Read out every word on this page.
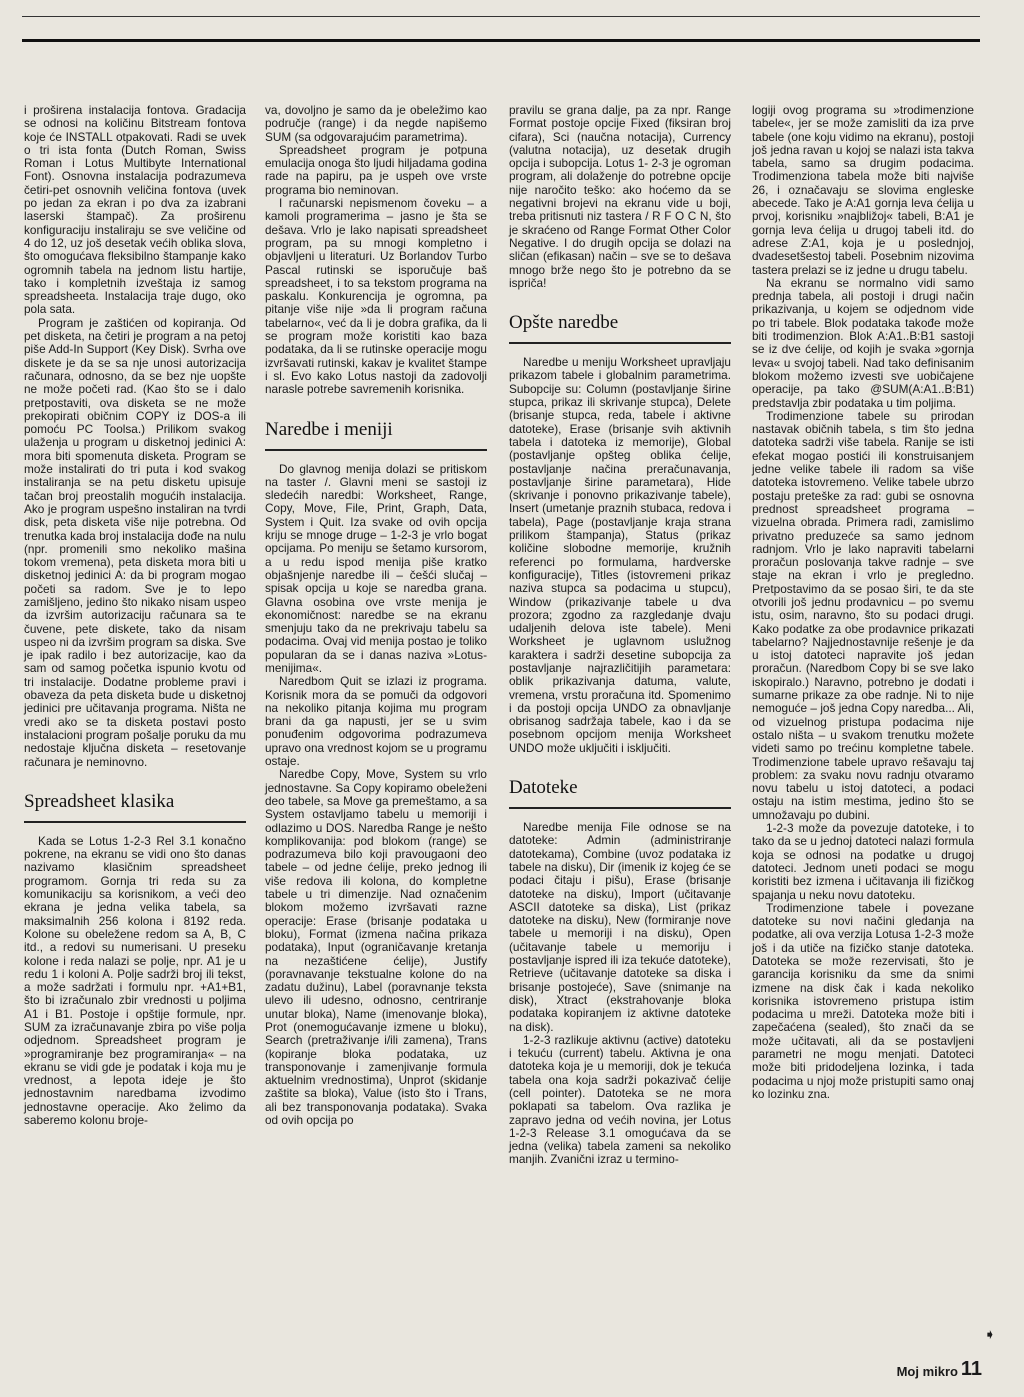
i proširena instalacija fontova. Gradacija se odnosi na količinu Bitstream fontova koje će INSTALL otpakovati. Radi se uvek o tri ista fonta (Dutch Roman, Swiss Roman i Lotus Multibyte International Font). Osnovna instalacija podrazumeva četiri-pet osnovnih veličina fontova (uvek po jedan za ekran i po dva za izabrani laserski štampač). Za proširenu konfiguraciju instaliraju se sve veličine od 4 do 12, uz još desetak većih oblika slova, što omogućava fleksibilno štampanje kako ogromnih tabela na jednom listu hartije, tako i kompletnih izveštaja iz samog spreadsheeta. Instalacija traje dugo, oko pola sata.

Program je zaštićen od kopiranja. Od pet disketa, na četiri je program a na petoj piše Add-In Support (Key Disk). Svrha ove diskete je da se sa nje unosi autorizacija računara, odnosno, da se bez nje uopšte ne može početi rad. (Kao što se i dalo pretpostaviti, ova disketa se ne može prekopirati običnim COPY iz DOS-a ili pomoću PC Toolsa.) Prilikom svakog ulaženja u program u disketnoj jedinici A: mora biti spomenuta disketa. Program se može instalirati do tri puta i kod svakog instaliranja se na petu disketu upisuje tačan broj preostalih mogućih instalacija. Ako je program uspešno instaliran na tvrdi disk, peta disketa više nije potrebna. Od trenutka kada broj instalacija dođe na nulu (npr. promenili smo nekoliko mašina tokom vremena), peta disketa mora biti u disketnoj jedinici A: da bi program mogao početi sa radom. Sve je to lepo zamišljeno, jedino što nikako nisam uspeo da izvršim autorizaciju računara sa te čuvene, pete diskete, tako da nisam uspeo ni da izvršim program sa diska. Sve je ipak radilo i bez autorizacije, kao da sam od samog početka ispunio kvotu od tri instalacije. Dodatne probleme pravi i obaveza da peta disketa bude u disketnoj jedinici pre učitavanja programa. Ništa ne vredi ako se ta disketa postavi posto instalacioni program pošalje poruku da mu nedostaje ključna disketa – resetovanje računara je neminovno.

Spreadsheet klasika

Kada se Lotus 1-2-3 Rel 3.1 konačno pokrene, na ekranu se vidi ono što danas nazivamo klasičnim spreadsheet programom. Gornja tri reda su za komunikaciju sa korisnikom, a veći deo ekrana je jedna velika tabela, sa maksimalnih 256 kolona i 8192 reda. Kolone su obeležene redom sa A, B, C itd., a redovi su numerisani. U preseku kolone i reda nalazi se polje, npr. A1 je u redu 1 i koloni A. Polje sadrži broj ili tekst, a može sadržati i formulu npr. +A1+B1, što bi izračunalo zbir vrednosti u poljima A1 i B1. Postoje i opštije formule, npr. SUM za izračunavanje zbira po više polja odjednom. Spreadsheet program je »programiranje bez programiranja« – na ekranu se vidi gde je podatak i koja mu je vrednost, a lepota ideje je što jednostavnim naredbama izvodimo jednostavne operacije. Ako želimo da saberemo kolonu broje-

va, dovoljno je samo da je obeležimo kao područje (range) i da negde napišemo SUM (sa odgovarajućim parametrima).

Spreadsheet program je potpuna emulacija onoga što ljudi hiljadama godina rade na papiru, pa je uspeh ove vrste programa bio neminovan.

I računarski nepismenom čoveku – a kamoli programerima – jasno je šta se dešava. Vrlo je lako napisati spreadsheet program, pa su mnogi kompletno i objavljeni u literaturi. Uz Borlandov Turbo Pascal rutinski se isporučuje baš spreadsheet, i to sa tekstom programa na paskalu. Konkurencija je ogromna, pa pitanje više nije »da li program računa tabelarno«, već da li je dobra grafika, da li se program može koristiti kao baza podataka, da li se rutinske operacije mogu izvršavati rutinski, kakav je kvalitet štampe i sl. Evo kako Lotus nastoji da zadovolji narasle potrebe savremenih korisnika.

Naredbe i meniji

Do glavnog menija dolazi se pritiskom na taster /. Glavni meni se sastoji iz sledećih naredbi: Worksheet, Range, Copy, Move, File, Print, Graph, Data, System i Quit. Iza svake od ovih opcija kriju se mnoge druge – 1-2-3 je vrlo bogat opcijama. Po meniju se šetamo kursorom, a u redu ispod menija piše kratko objašnjenje naredbe ili – češći slučaj – spisak opcija u koje se naredba grana. Glavna osobina ove vrste menija je ekonomičnost: naredbe se na ekranu smenjuju tako da ne prekrivaju tabelu sa podacima. Ovaj vid menija postao je toliko popularan da se i danas naziva »Lotus-menijima«.

Naredbom Quit se izlazi iz programa. Korisnik mora da se pomuči da odgovori na nekoliko pitanja kojima mu program brani da ga napusti, jer se u svim ponuđenim odgovorima podrazumeva upravo ona vrednost kojom se u programu ostaje.

Naredbe Copy, Move, System su vrlo jednostavne. Sa Copy kopiramo obeleženi deo tabele, sa Move ga premeštamo, a sa System ostavljamo tabelu u memoriji i odlazimo u DOS. Naredba Range je nešto komplikovanija: pod blokom (range) se podrazumeva bilo koji pravougaoni deo tabele – od jedne ćelije, preko jednog ili više redova ili kolona, do kompletne tabele u tri dimenzije. Nad označenim blokom možemo izvršavati razne operacije: Erase (brisanje podataka u bloku), Format (izmena načina prikaza podataka), Input (ograničavanje kretanja na nezaštićene ćelije), Justify (poravnavanje tekstualne kolone do na zadatu dužinu), Label (poravnanje teksta ulevo ili udesno, odnosno, centriranje unutar bloka), Name (imenovanje bloka), Prot (onemogućavanje izmene u bloku), Search (pretraživanje i/ili zamena), Trans (kopiranje bloka podataka, uz transponovanje i zamenjivanje formula aktuelnim vrednostima), Unprot (skidanje zaštite sa bloka), Value (isto što i Trans, ali bez transponovanja podataka). Svaka od ovih opcija po

pravilu se grana dalje, pa za npr. Range Format postoje opcije Fixed (fiksiran broj cifara), Sci (naučna notacija), Currency (valutna notacija), uz desetak drugih opcija i subopcija. Lotus 1- 2-3 je ogroman program, ali dolaženje do potrebne opcije nije naročito teško: ako hoćemo da se negativni brojevi na ekranu vide u boji, treba pritisnuti niz tastera / R F O C N, što je skraćeno od Range Format Other Color Negative. I do drugih opcija se dolazi na sličan (efikasan) način – sve se to dešava mnogo brže nego što je potrebno da se ispriča!

Opšte naredbe

Naredbe u meniju Worksheet upravljaju prikazom tabele i globalnim parametrima. Subopcije su: Column (postavljanje širine stupca, prikaz ili skrivanje stupca), Delete (brisanje stupca, reda, tabele i aktivne datoteke), Erase (brisanje svih aktivnih tabela i datoteka iz memorije), Global (postavljanje opšteg oblika ćelije, postavljanje načina preračunavanja, postavljanje širine parametara), Hide (skrivanje i ponovno prikazivanje tabele), Insert (umetanje praznih stubaca, redova i tabela), Page (postavljanje kraja strana prilikom štampanja), Status (prikaz količine slobodne memorije, kružnih referenci po formulama, hardverske konfiguracije), Titles (istovremeni prikaz naziva stupca sa podacima u stupcu), Window (prikazivanje tabele u dva prozora; zgodno za razgledanje dvaju udaljenih delova iste tabele). Meni Worksheet je uglavnom uslužnog karaktera i sadrži desetine subopcija za postavljanje najrazličitijih parametara: oblik prikazivanja datuma, valute, vremena, vrstu proračuna itd. Spomenimo i da postoji opcija UNDO za obnavljanje obrisanog sadržaja tabele, kao i da se posebnom opcijom menija Worksheet UNDO može uključiti i isključiti.

Datoteke

Naredbe menija File odnose se na datoteke: Admin (administriranje datotekama), Combine (uvoz podataka iz tabele na disku), Dir (imenik iz kojeg će se podaci čitaju i pišu), Erase (brisanje datoteke na disku), Import (učitavanje ASCII datoteke sa diska), List (prikaz datoteke na disku), New (formiranje nove tabele u memoriji i na disku), Open (učitavanje tabele u memoriju i postavljanje ispred ili iza tekuće datoteke), Retrieve (učitavanje datoteke sa diska i brisanje postojeće), Save (snimanje na disk), Xtract (ekstrahovanje bloka podataka kopiranjem iz aktivne datoteke na disk).

1-2-3 razlikuje aktivnu (active) datoteku i tekuću (current) tabelu. Aktivna je ona datoteka koja je u memoriji, dok je tekuća tabela ona koja sadrži pokazivač ćelije (cell pointer). Datoteka se ne mora poklapati sa tabelom. Ova razlika je zapravo jedna od većih novina, jer Lotus 1-2-3 Release 3.1 omogućava da se jedna (velika) tabela zameni sa nekoliko manjih. Zvanični izraz u termino-

logiji ovog programa su »trodimenzione tabele«, jer se može zamisliti da iza prve tabele (one koju vidimo na ekranu), postoji još jedna ravan u kojoj se nalazi ista takva tabela, samo sa drugim podacima. Trodimenziona tabela može biti najviše 26, i označavaju se slovima engleske abecede. Tako je A:A1 gornja leva ćelija u prvoj, korisniku »najbližoj« tabeli, B:A1 je gornja leva ćelija u drugoj tabeli itd. do adrese Z:A1, koja je u poslednjoj, dvadesetšestoj tabeli. Posebnim nizovima tastera prelazi se iz jedne u drugu tabelu.

Na ekranu se normalno vidi samo prednja tabela, ali postoji i drugi način prikazivanja, u kojem se odjednom vide po tri tabele. Blok podataka takođe može biti trodimenzion. Blok A:A1..B:B1 sastoji se iz dve ćelije, od kojih je svaka »gornja leva« u svojoj tabeli. Nad tako definisanim blokom možemo izvesti sve uobičajene operacije, pa tako @SUM(A:A1..B:B1) predstavlja zbir podataka u tim poljima.

Trodimenzione tabele su prirodan nastavak običnih tabela, s tim što jedna datoteka sadrži više tabela. Ranije se isti efekat mogao postići ili konstruisanjem jedne velike tabele ili radom sa više datoteka istovremeno. Velike tabele ubrzo postaju preteške za rad: gubi se osnovna prednost spreadsheet programa – vizuelna obrada. Primera radi, zamislimo privatno preduzeće sa samo jednom radnjom. Vrlo je lako napraviti tabelarni proračun poslovanja takve radnje – sve staje na ekran i vrlo je pregledno. Pretpostavimo da se posao širi, te da ste otvorili još jednu prodavnicu – po svemu istu, osim, naravno, što su podaci drugi. Kako podatke za obe prodavnice prikazati tabelarno? Najjednostavnije rešenje je da u istoj datoteci napravite još jedan proračun. (Naredbom Copy bi se sve lako iskopiralo.) Naravno, potrebno je dodati i sumarne prikaze za obe radnje. Ni to nije nemoguće – još jedna Copy naredba... Ali, od vizuelnog pristupa podacima nije ostalo ništa – u svakom trenutku možete videti samo po trećinu kompletne tabele. Trodimenzione tabele upravo rešavaju taj problem: za svaku novu radnju otvaramo novu tabelu u istoj datoteci, a podaci ostaju na istim mestima, jedino što se umnožavaju po dubini.

1-2-3 može da povezuje datoteke, i to tako da se u jednoj datoteci nalazi formula koja se odnosi na podatke u drugoj datoteci. Jednom uneti podaci se mogu koristiti bez izmena i učitavanja ili fizičkog spajanja u neku novu datoteku.

Trodimenzione tabele i povezane datoteke su novi načini gledanja na podatke, ali ova verzija Lotusa 1-2-3 može još i da utiče na fizičko stanje datoteka. Datoteka se može rezervisati, što je garancija korisniku da sme da snimi izmene na disk čak i kada nekoliko korisnika istovremeno pristupa istim podacima u mreži. Datoteka može biti i zapečaćena (sealed), što znači da se može učitavati, ali da se postavljeni parametri ne mogu menjati. Datoteci može biti pridodeljena lozinka, i tada podacima u njoj može pristupiti samo onaj ko lozinku zna.

➧
Moj mikro 11
